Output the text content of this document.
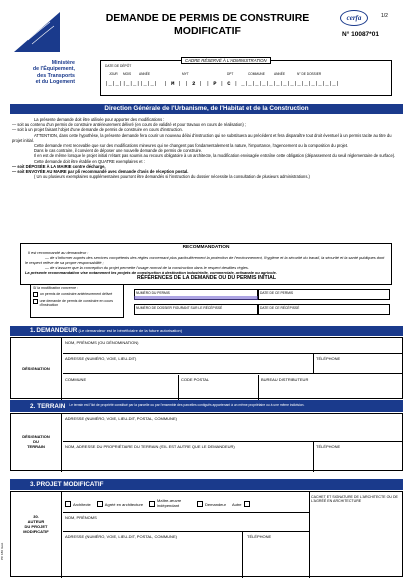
Ministère
de l'Équipement,
des Transports
et du Logement
DEMANDE DE PERMIS DE CONSTRUIRE
MODIFICATIF
cerfa	1/2
N° 10087*01
CADRE RÉSERVÉ À L'ADMINISTRATION
DATE DE DÉPÔT
JOUR MOIS ANNÉE	MYT	DPT	COMMUNE	ANNÉE	N° DE DOSSIER
|_|_||_|_||_|_| | M | | 2 | | P | C | _|_|_|_|_|_|_|_|_|_|_|_|_|_|
Direction Générale de l'Urbanisme, de l'Habitat et de la Construction
La présente demande doit être utilisée pour apporter des modifications :
— soit au contenu d'un permis de construire antérieurement délivré (en cours de validité et pour travaux en cours de réalisation) ;
— soit à un projet faisant l'objet d'une demande de permis de construire en cours d'instruction.
ATTENTION, dans cette hypothèse, la présente demande fera courir un nouveau délai d'instruction qui se substituera au précédent et fera disparaître tout droit éventuel à un permis tacite au titre du projet initial.
Cette demande n'est recevable que sur des modifications mineures qui ne changent pas fondamentalement la nature, l'importance, l'agencement ou la composition du projet.
Dans le cas contraire, il convient de déposer une nouvelle demande de permis de construire.
Il en est de même lorsque le projet initial n'étant pas soumis au recours obligatoire à un architecte, la modification envisagée entraîne cette obligation (dépassement du seuil réglementaire de surface).
Cette demande doit être établie en QUATRE exemplaires et :
— soit DÉPOSÉE À LA MAIRIE contre décharge,
— soit ENVOYÉE AU MAIRE par pli recommandé avec demande d'avis de réception postal.
( Un ou plusieurs exemplaires supplémentaires pourront être demandés si l'instruction du dossier nécessite la consultation de plusieurs administrations.)
RECOMMANDATION
Il est recommandé au demandeur :
— de s'informer auprès des services compétents des règles concernant plus particulièrement la protection de l'environnement, l'hygiène et la sécurité du travail, la sécurité et la santé publiques dont le respect relève de sa propre responsabilité ;
— de s'assurer que la conception du projet permette l'usage normal de la construction dans le respect desdites règles.
La présente recommandation vise notamment les projets de construction à destination industrielle, commerciale, artisanale ou agricole.
RÉFÉRENCES DE LA DEMANDE OU DU PERMIS INITIAL
Si la modification concerne :
un permis de construire antérieurement délivré
une demande de permis de construire en cours d'instruction
NUMÉRO DU PERMIS	DATE DE CE PERMIS
NUMÉRO DE DOSSIER FIGURANT SUR LE RÉCÉPISSÉ	DATE DE CE RÉCÉPISSÉ
1. DEMANDEUR (Le demandeur est le bénéficiaire de la future autorisation)
DÉSIGNATION
NOM, PRÉNOMS (OU DÉNOMINATION)
ADRESSE (NUMÉRO, VOIE, LIEU-DIT)	TÉLÉPHONE
COMMUNE	CODE POSTAL	BUREAU DISTRIBUTEUR
2. TERRAIN Le terrain est l'îlot de propriété constitué par la parcelle ou par l'ensemble des parcelles contiguës appartenant à un même propriétaire ou à une même indivision.
DÉSIGNATION
DU
TERRAIN
ADRESSE (NUMÉRO, VOIE, LIEU-DIT, POSTAL, COMMUNE)
NOM, ADRESSE DU PROPRIÉTAIRE DU TERRAIN (S'IL EST AUTRE QUE LE DEMANDEUR)	TÉLÉPHONE
3. PROJET MODIFICATIF
30.
AUTEUR
DU PROJET
MODIFICATIF
Architecte	Agréé en architecture
Maître-œuvre indépendant	Demandeur Autre
CACHET ET SIGNATURE DE L'ARCHITECTE OU DE L'AGRÉÉ EN ARCHITECTURE
NOM, PRÉNOMS
ADRESSE (NUMÉRO, VOIE, LIEU-DIT, POSTAL, COMMUNE)	TÉLÉPHONE
PC 180 mod.
